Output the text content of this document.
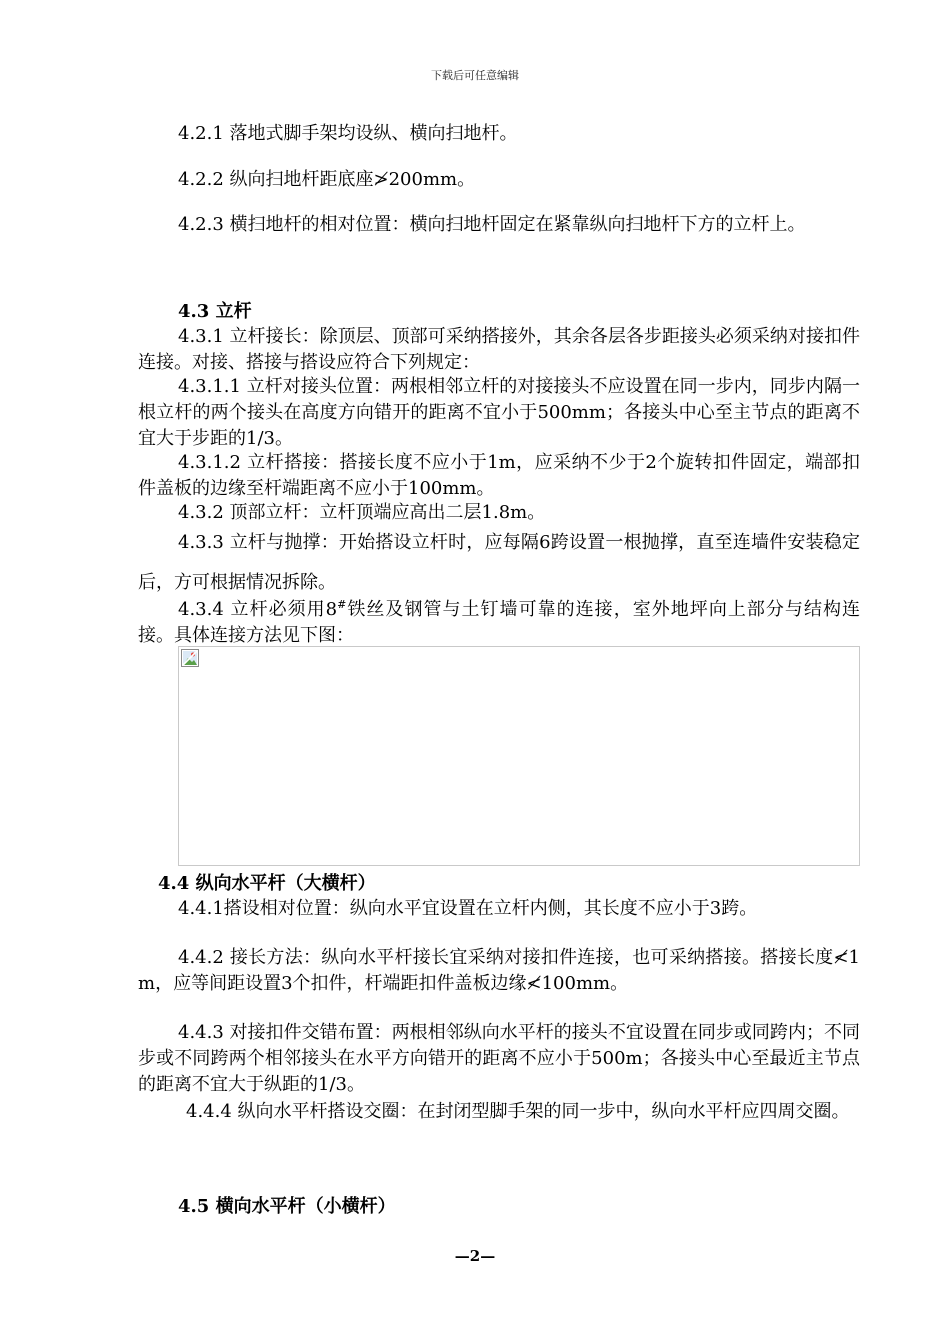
下载后可任意编辑
4.2.1 落地式脚手架均设纵、横向扫地杆。
4.2.2 纵向扫地杆距底座≯200mm。
4.2.3 横扫地杆的相对位置：横向扫地杆固定在紧靠纵向扫地杆下方的立杆上。
4.3 立杆
4.3.1 立杆接长：除顶层、顶部可采纳搭接外，其余各层各步距接头必须采纳对接扣件连接。对接、搭接与搭设应符合下列规定：
4.3.1.1 立杆对接头位置：两根相邻立杆的对接接头不应设置在同一步内，同步内隔一根立杆的两个接头在高度方向错开的距离不宜小于500mm；各接头中心至主节点的距离不宜大于步距的1/3。
4.3.1.2 立杆搭接：搭接长度不应小于1m，应采纳不少于2个旋转扣件固定，端部扣件盖板的边缘至杆端距离不应小于100mm。
4.3.2 顶部立杆：立杆顶端应高出二层1.8m。
4.3.3 立杆与抛撑：开始搭设立杆时，应每隔6跨设置一根抛撑，直至连墙件安装稳定后，方可根据情况拆除。
4.3.4 立杆必须用8#铁丝及钢管与土钉墙可靠的连接，室外地坪向上部分与结构连接。具体连接方法见下图：
4.4 纵向水平杆（大横杆）
4.4.1搭设相对位置：纵向水平宜设置在立杆内侧，其长度不应小于3跨。
4.4.2 接长方法：纵向水平杆接长宜采纳对接扣件连接，也可采纳搭接。搭接长度≮1m，应等间距设置3个扣件，杆端距扣件盖板边缘≮100mm。
4.4.3 对接扣件交错布置：两根相邻纵向水平杆的接头不宜设置在同步或同跨内；不同步或不同跨两个相邻接头在水平方向错开的距离不应小于500m；各接头中心至最近主节点的距离不宜大于纵距的1/3。
4.4.4 纵向水平杆搭设交圈：在封闭型脚手架的同一步中，纵向水平杆应四周交圈。
4.5 横向水平杆（小横杆）
—2—
